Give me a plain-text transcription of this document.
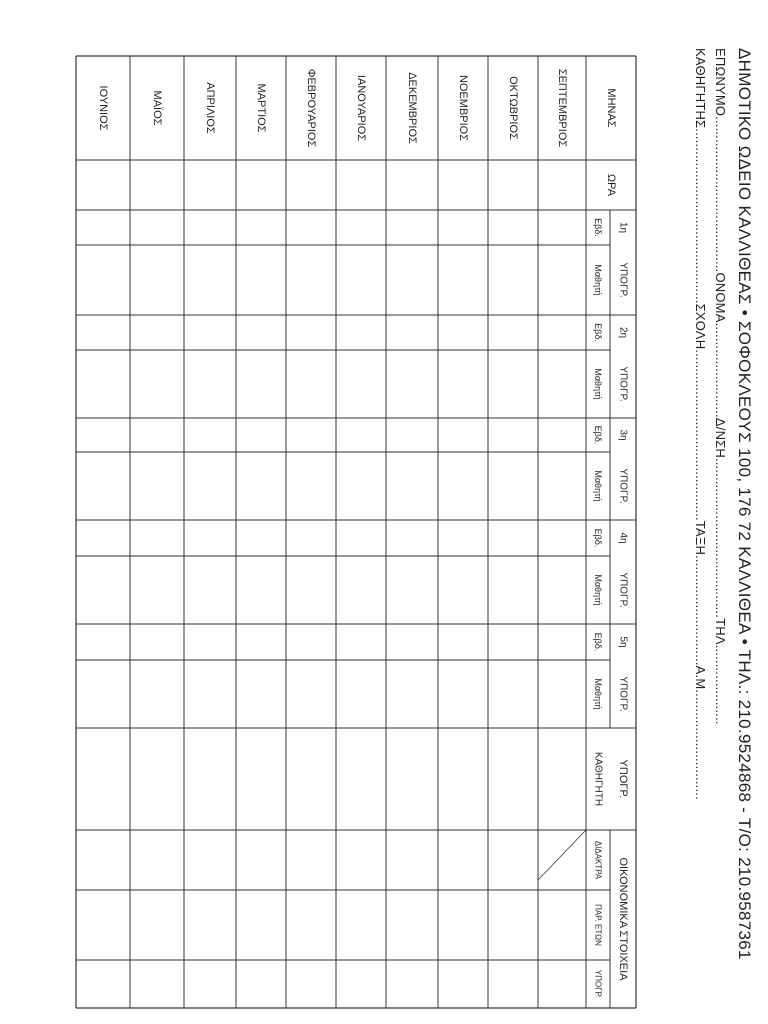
ΔΗΜΟΤΙΚΟ ΩΔΕΙΟ ΚΑΛΛΙΘΕΑΣ • ΣΟΦΟΚΛΕΟΥΣ 100, 176 72 ΚΑΛΛΙΘΕΑ • ΤΗΛ.: 210.9524868 - Τ/Ο: 210.9587361
ΕΠΩΝΥΜΟ.........................................ΟΝΟΜΑ.........................Δ/ΝΣΗ..........................................ΤΗΛ.....................
ΚΑΘΗΓΗΤΗΣ..............................................ΣΧΟΛΗ.............................................ΤΑΞΗ.............................Α.Μ.............................
ΜΗΝΑΣ
ΩΡΑ
1η
ΥΠΟΓΡ.
Εβδ.
Μαθητή
2η
ΥΠΟΓΡ.
Εβδ.
Μαθητή
3η
ΥΠΟΓΡ.
Εβδ.
Μαθητή
4η
ΥΠΟΓΡ.
Εβδ.
Μαθητή
5η
ΥΠΟΓΡ.
Εβδ.
Μαθητή
ΥΠΟΓΡ.
ΚΑΘΗΓΗΤΗ
ΟΙΚΟΝΟΜΙΚΑ ΣΤΟΙΧΕΙΑ
ΔΙΔΑΚΤΡΑ
ΠΑΡ. ΕΤΩΝ
ΥΠΟΓΡ.
ΣΕΠΤΕΜΒΡΙΟΣ
ΟΚΤΩΒΡΙΟΣ
ΝΟΕΜΒΡΙΟΣ
ΔΕΚΕΜΒΡΙΟΣ
ΙΑΝΟΥΑΡΙΟΣ
ΦΕΒΡΟΥΑΡΙΟΣ
ΜΑΡΤΙΟΣ
ΑΠΡΙΛΙΟΣ
ΜΑΪΟΣ
ΙΟΥΝΙΟΣ
